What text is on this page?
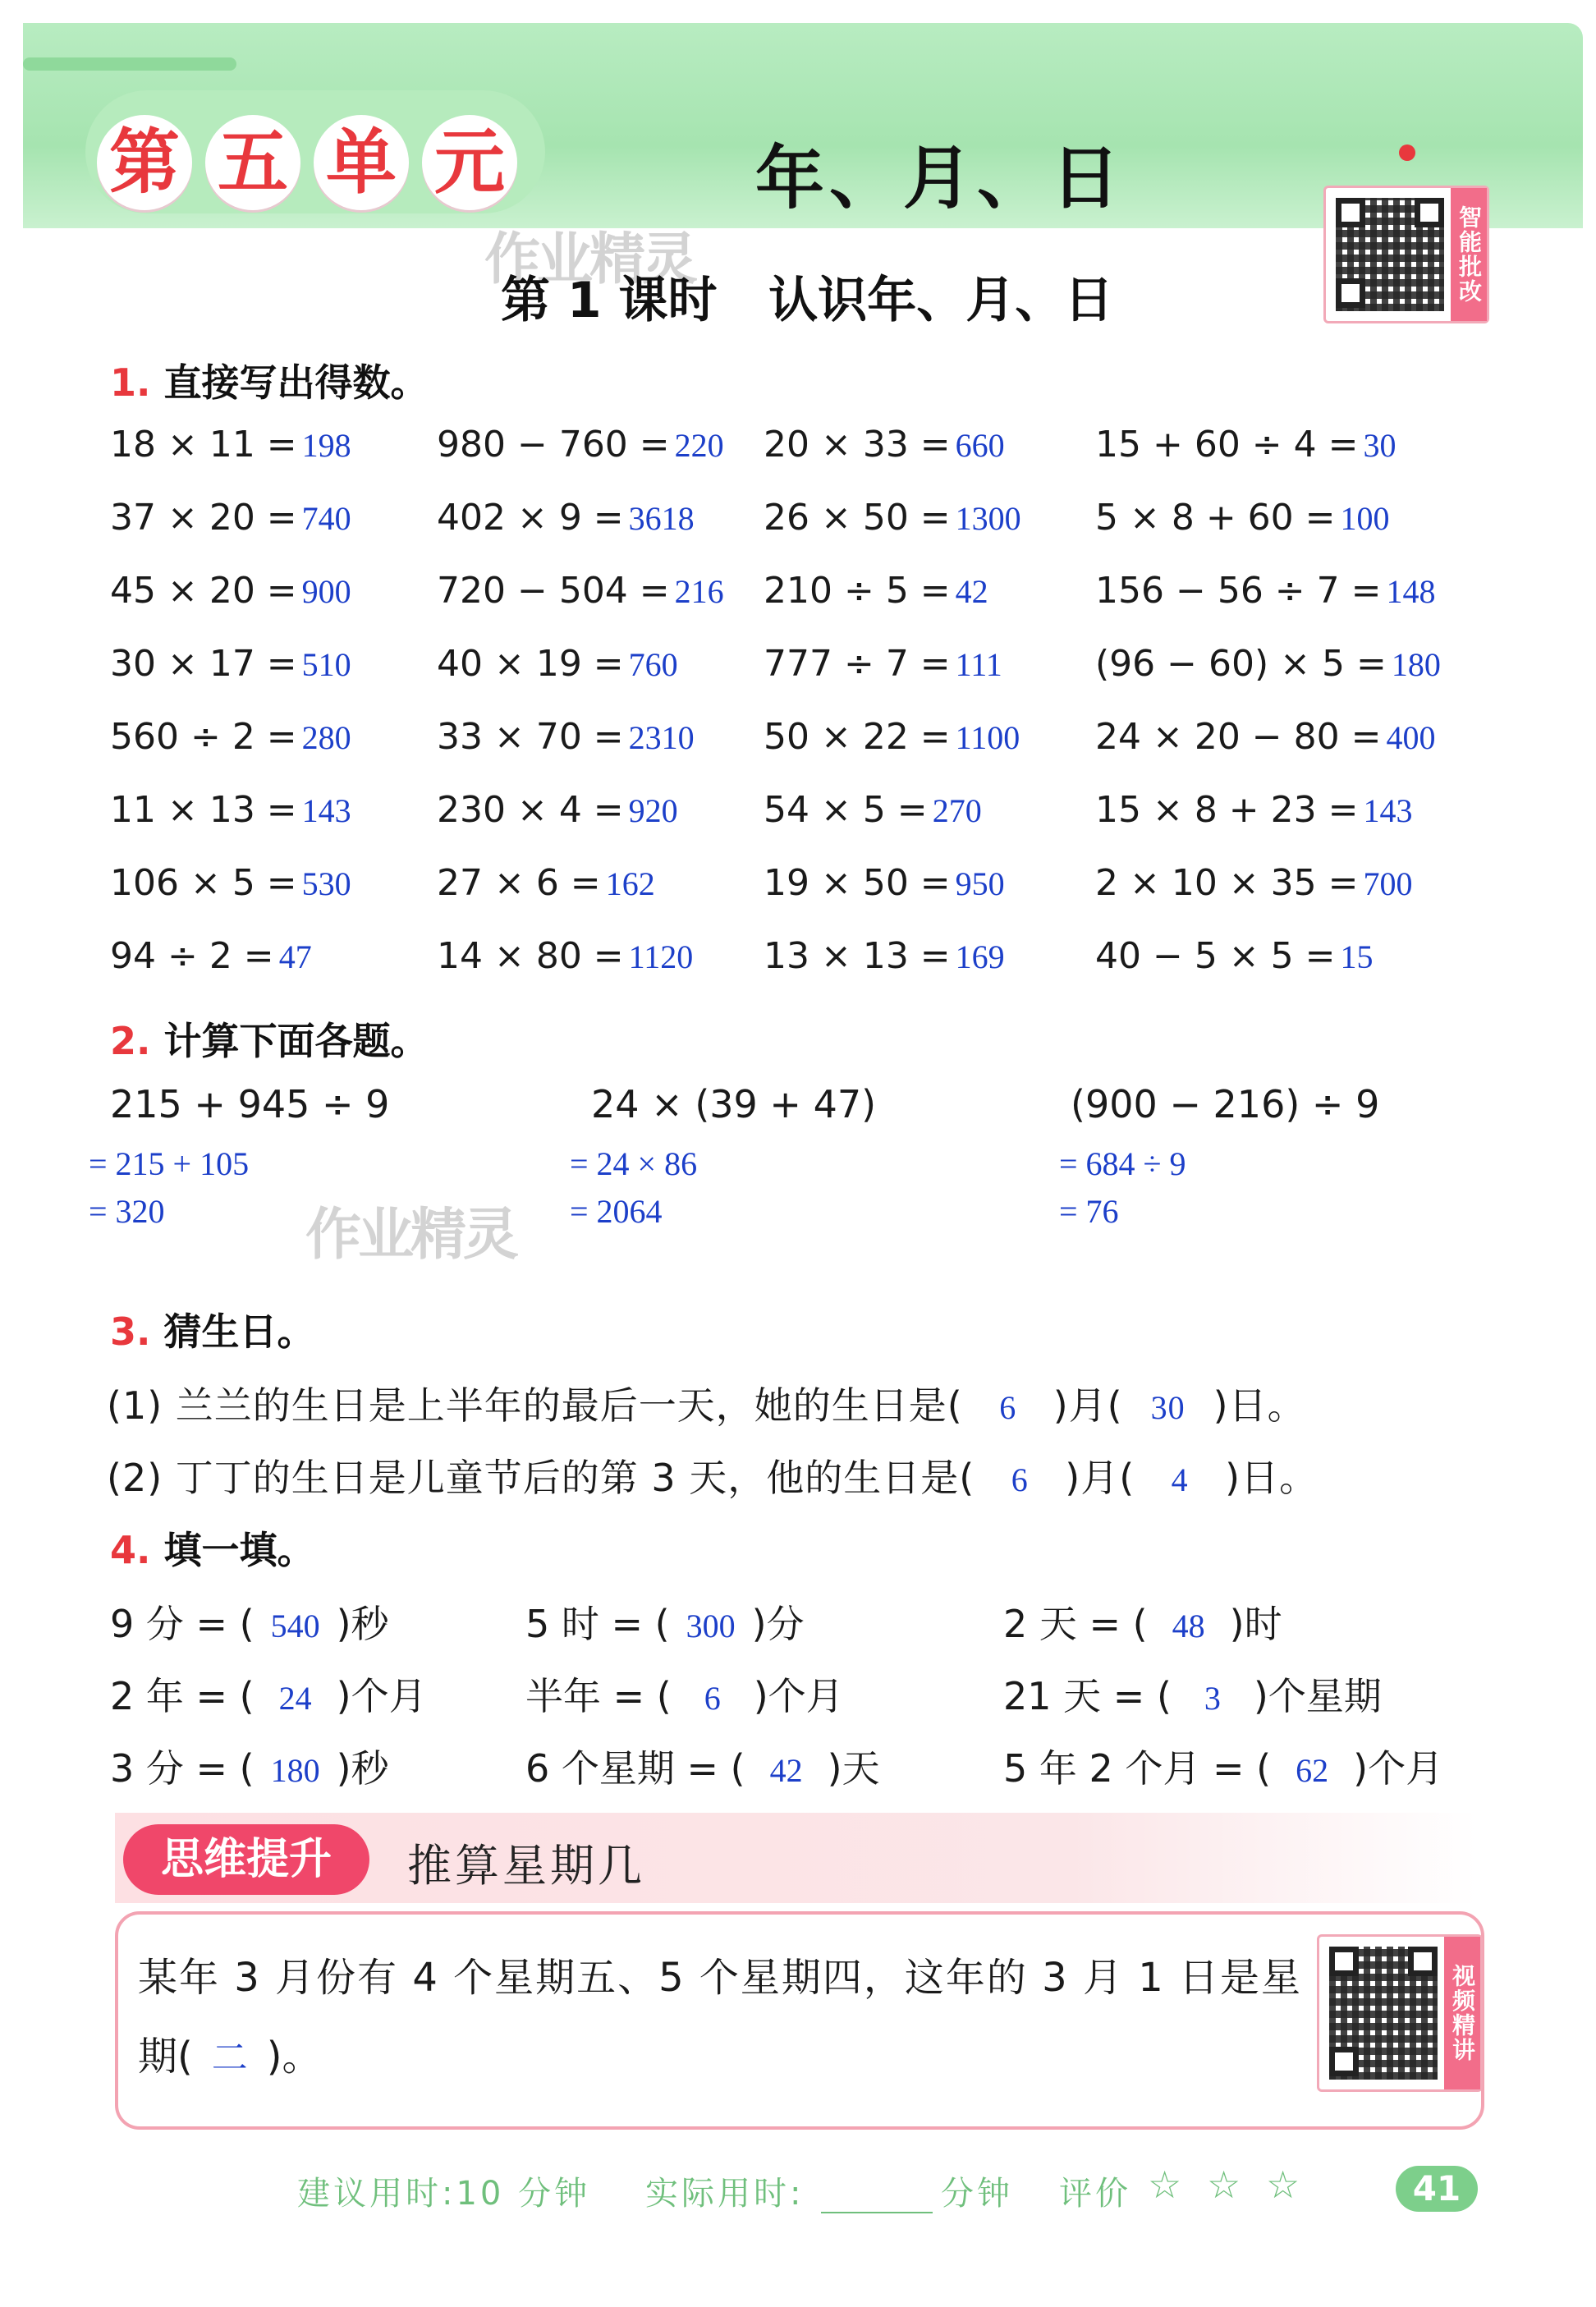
第 五 单 元	年、月、日
作业精灵
第 1 课时   认识年、月、日	智能批改
1. 直接写出得数。
18 × 11 = 198 980 − 760 = 220 20 × 33 = 660	15 + 60 ÷ 4 = 30
37 × 20 = 740 402 × 9 = 3618 26 × 50 = 1300 5 × 8 + 60 = 100
45 × 20 = 900 720 − 504 = 216 210 ÷ 5 = 42	156 − 56 ÷ 7 = 148
30 × 17 = 510 40 × 19 = 760 777 ÷ 7 = 111	(96 − 60) × 5 = 180
560 ÷ 2 = 280 33 × 70 = 2310 50 × 22 = 1100 24 × 20 − 80 = 400
11 × 13 = 143 230 × 4 = 920 54 × 5 = 270	15 × 8 + 23 = 143
106 × 5 = 530 27 × 6 = 162	19 × 50 = 950	2 × 10 × 35 = 700
94 ÷ 2 = 47	14 × 80 = 1120 13 × 13 = 169	40 − 5 × 5 = 15
2. 计算下面各题。
215 + 945 ÷ 9
= 215 + 105
= 320
24 × (39 + 47)
= 24 × 86
= 2064
(900 − 216) ÷ 9
= 684 ÷ 9
= 76
作业精灵
3. 猜生日。
(1) 兰兰的生日是上半年的最后一天，她的生日是( 6 )月( 30 )日。
(2) 丁丁的生日是儿童节后的第 3 天，他的生日是( 6 )月( 4 )日。
4. 填一填。
9 分 = ( 540 )秒	5 时 = ( 300 )分	2 天 = ( 48 )时
2 年 = ( 24 )个月	半年 = ( 6 )个月	21 天 = ( 3 )个星期
3 分 = ( 180 )秒	6 个星期 = ( 42 )天	5 年 2 个月 = ( 62 )个月
思维提升	推算星期几
某年 3 月份有 4 个星期五、5 个星期四，这年的 3 月 1 日是星
期( 二 )。	视频精讲
建议用时:10 分钟 实际用时:	分钟 评价 ☆ ☆ ☆	41
